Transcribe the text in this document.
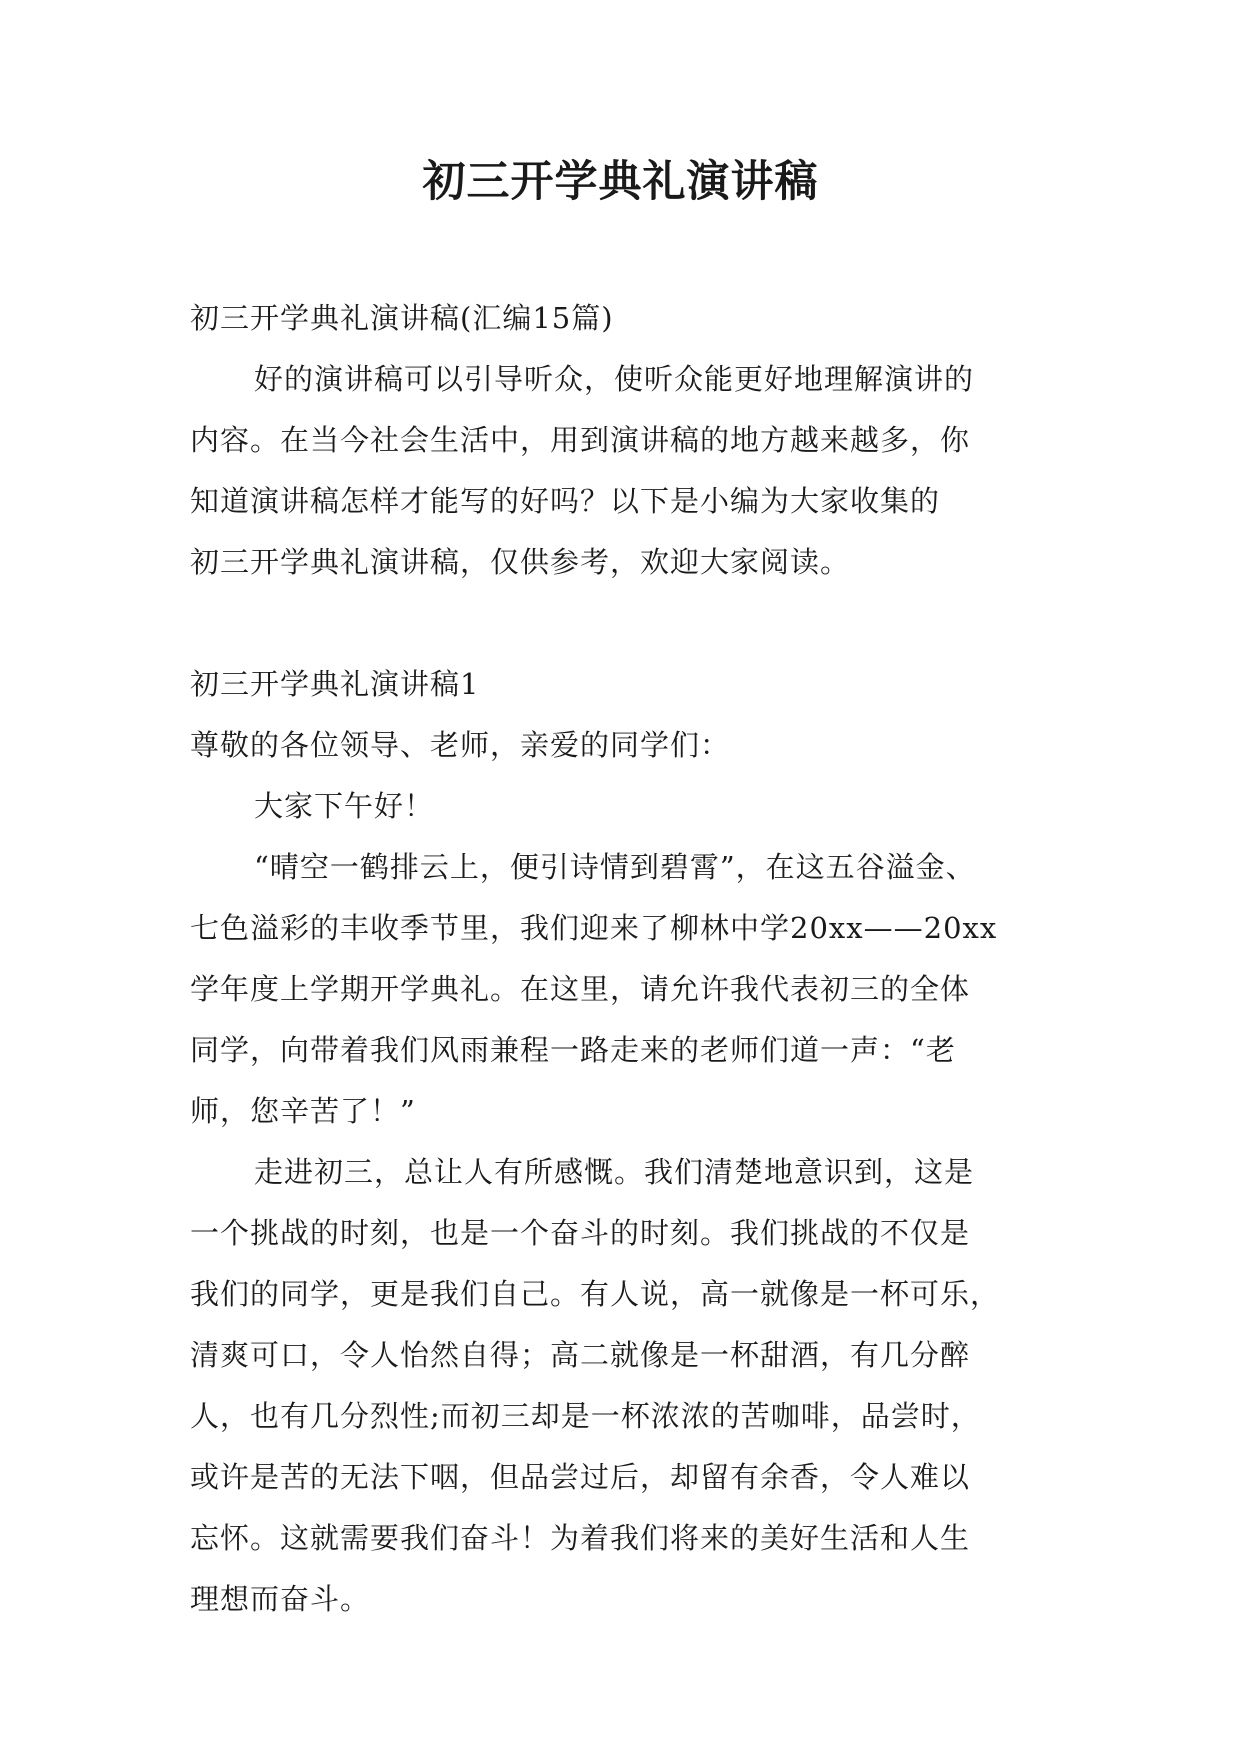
初三开学典礼演讲稿

初三开学典礼演讲稿(汇编15篇)

好的演讲稿可以引导听众，使听众能更好地理解演讲的

内容。在当今社会生活中，用到演讲稿的地方越来越多，你
知道演讲稿怎样才能写的好吗？以下是小编为大家收集的
初三开学典礼演讲稿，仅供参考，欢迎大家阅读。

初三开学典礼演讲稿1

尊敬的各位领导、老师，亲爱的同学们：

大家下午好！

“晴空一鹤排云上，便引诗情到碧霄”，在这五谷溢金、

七色溢彩的丰收季节里，我们迎来了柳林中学20xx——20xx
学年度上学期开学典礼。在这里，请允许我代表初三的全体
同学，向带着我们风雨兼程一路走来的老师们道一声：“老
师，您辛苦了！”

走进初三，总让人有所感慨。我们清楚地意识到，这是

一个挑战的时刻，也是一个奋斗的时刻。我们挑战的不仅是
我们的同学，更是我们自己。有人说，高一就像是一杯可乐，
清爽可口，令人怡然自得；高二就像是一杯甜酒，有几分醉
人，也有几分烈性;而初三却是一杯浓浓的苦咖啡，品尝时，
或许是苦的无法下咽，但品尝过后，却留有余香，令人难以
忘怀。这就需要我们奋斗！为着我们将来的美好生活和人生
理想而奋斗。
